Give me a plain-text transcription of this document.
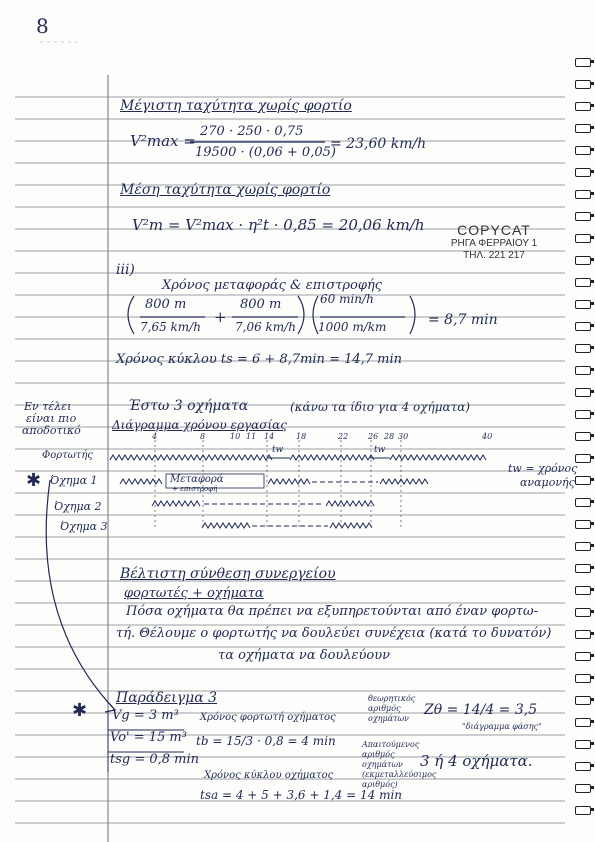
8
Μέγιστη ταχύτητα χωρίς φορτίο
V²max =
270 · 250 · 0,75
19500 · (0,06 + 0,05)
= 23,60 km/h
Μέση ταχύτητα χωρίς φορτίο
V²m = V²max · η²t · 0,85 = 20,06 km/h	COPYCAT
ΡΗΓΑ ΦΕΡΡΑΙΟΥ 1
ΤΗΛ. 221 217
iii)
Χρόνος μεταφοράς & επιστροφής
800 m
7,65 km/h
+
800 m
7,06 km/h
60 min/h
1000 m/km	= 8,7 min
Χρόνος κύκλου ts = 6 + 8,7min = 14,7 min
Εν τέλει
είναι πιο
αποδοτικό
Έστω 3 οχήματα	(κάνω τα ίδιο για 4 οχήματα)
Διάγραμμα χρόνου εργασίας
4	8	10 11 14	18	22 26 28 30	40
Φορτωτής
Όχημα 1
Όχημα 2
Όχημα 3
✱	Μεταφορά
+ επιστροφή
tw	tw
tw = χρόνος
αναμονής
Βέλτιστη σύνθεση συνεργείου
φορτωτές + οχήματα
Πόσα οχήματα θα πρέπει να εξυπηρετούνται από έναν φορτω-
τή. Θέλουμε ο φορτωτής να δουλεύει συνέχεια (κατά το δυνατόν)
τα οχήματα να δουλεύουν
✱
Παράδειγμα 3
Vg = 3 m³
Vo' = 15 m³
tsg = 0,8 min
Χρόνος φορτωτή οχήματος
tb = 15/3 · 0,8 = 4 min
Χρόνος κύκλου οχήματος
tsa = 4 + 5 + 3,6 + 1,4 = 14 min
θεωρητικός
αριθμός
οχημάτων
Zθ = 14/4 = 3,5
"διάγραμμα φάσης"
Απαιτούμενος
αριθμός
οχημάτων
(εκμεταλλεύσιμος
αριθμός)
3 ή 4 οχήματα.
